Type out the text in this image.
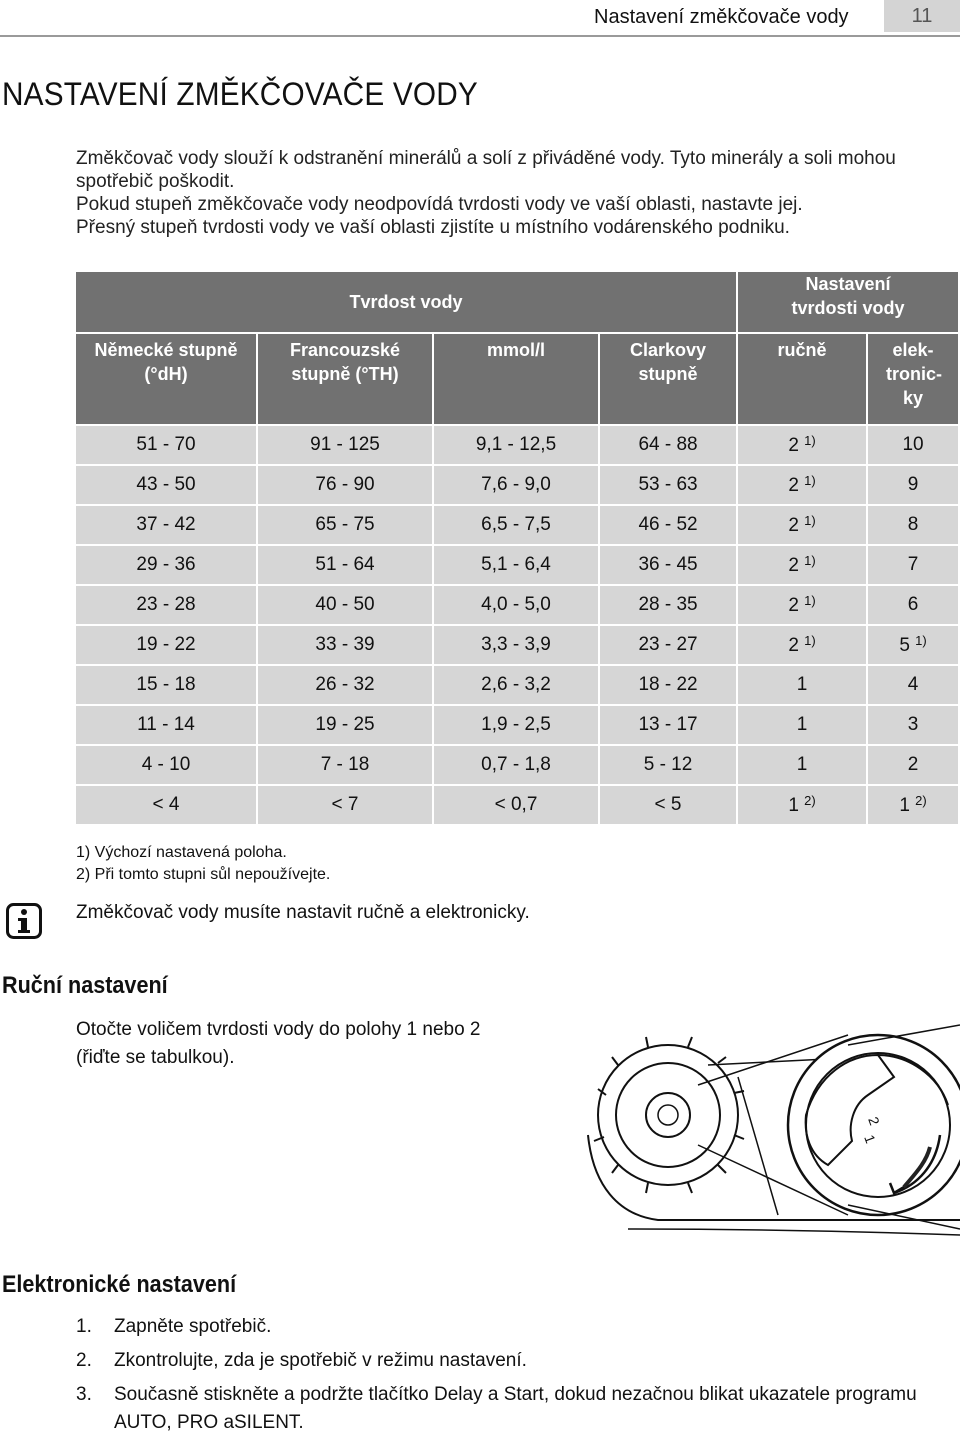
Nastavení změkčovače vody	11
NASTAVENÍ ZMĚKČOVAČE VODY

Změkčovač vody slouží k odstranění minerálů a solí z přiváděné vody. Tyto minerály a soli mohou spotřebič poškodit.

Pokud stupeň změkčovače vody neodpovídá tvrdosti vody ve vaší oblasti, nastavte jej.

Přesný stupeň tvrdosti vody ve vaší oblasti zjistíte u místního vodárenského podniku.

Tvrdost vody				Nastavení tvrdosti vody	
Německé stupně (°dH)	Francouzské stupně (°TH)	mmol/l	Clarkovy stupně	ručně	elek-tronic-ky
51 - 70	91 - 125	9,1 - 12,5	64 - 88	2 $^{1)}$	10
43 - 50	76 - 90	7,6 - 9,0	53 - 63	2 $^{1)}$	9
37 - 42	65 - 75	6,5 - 7,5	46 - 52	2 $^{1)}$	8
29 - 36	51 - 64	5,1 - 6,4	36 - 45	2 $^{1)}$	7
23 - 28	40 - 50	4,0 - 5,0	28 - 35	2 $^{1)}$	6
19 - 22	33 - 39	3,3 - 3,9	23 - 27	2 $^{1)}$	5 $^{1)}$
15 - 18	26 - 32	2,6 - 3,2	18 - 22	1	4
11 - 14	19 - 25	1,9 - 2,5	13 - 17	1	3
4 - 10	7 - 18	0,7 - 1,8	5 - 12	1	2
< 4	< 7	< 0,7	< 5	1 $^{2)}$	1 $^{2)}$
1) Výchozí nastavená poloha.
2) Při tomto stupni sůl nepoužívejte.
Změkčovač vody musíte nastavit ručně a elektronicky.
Ruční nastavení
Otočte voličem tvrdosti vody do polohy 1 nebo 2
(řiďte se tabulkou).
2
1
Elektronické nastavení
1.	Zapněte spotřebič.
2.	Zkontrolujte, zda je spotřebič v režimu nastavení.
3.	Současně stiskněte a podržte tlačítko Delay a Start, dokud nezačnou blikat ukazatele programu AUTO, PRO aSILENT.
